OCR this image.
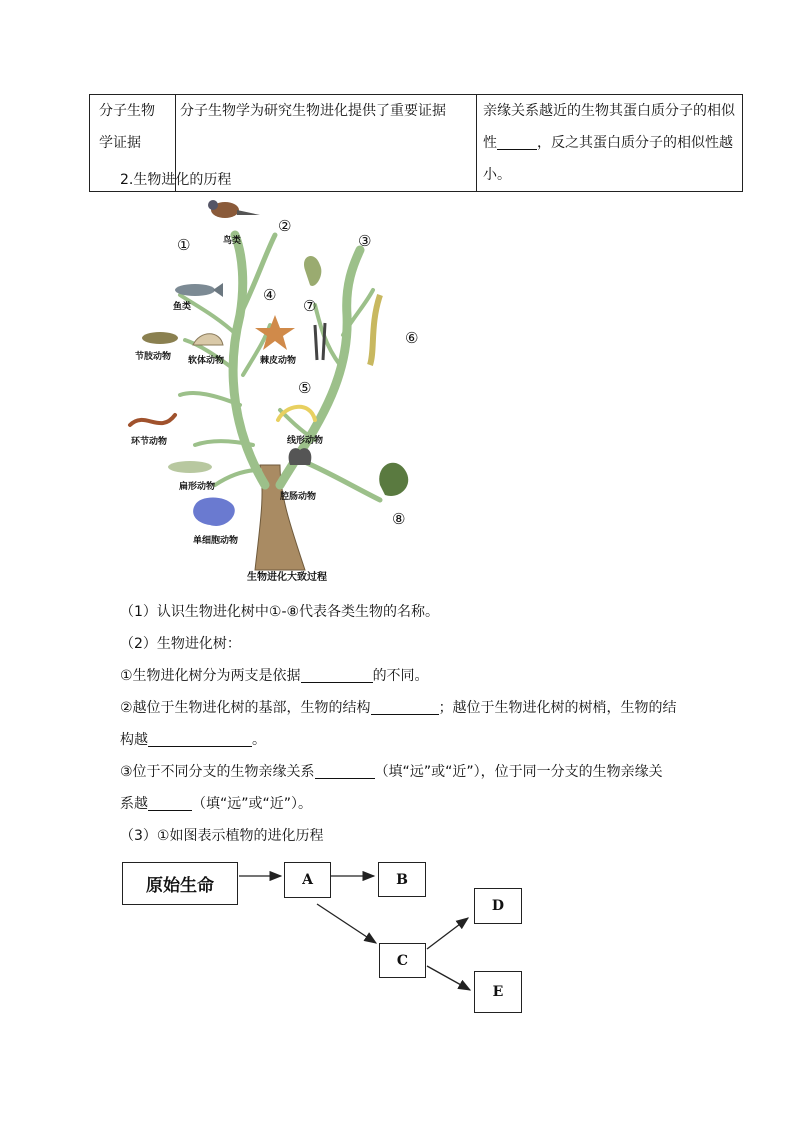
分子生物
学证据
	分子生物学为研究生物进化提供了重要证据	亲缘关系越近的生物其蛋白质分子的相似
性	，反之其蛋白质分子的相似性越小。
2.生物进化的历程
鸟类
鱼类
节肢动物 软体动物	棘皮动物
环节动物	线形动物
扁形动物
腔肠动物
单细胞动物
①
②
③
④
⑤
⑥
⑦
⑧
生物进化大致过程
（1）认识生物进化树中①-⑧代表各类生物的名称。
（2）生物进化树：
①生物进化树分为两支是依据	的不同。
②越位于生物进化树的基部，生物的结构	；越位于生物进化树的树梢，生物的结
构越	。
③位于不同分支的生物亲缘关系	（填“远”或“近”），位于同一分支的生物亲缘关
系越	（填“远”或“近”）。
（3）①如图表示植物的进化历程
原始生命	A	B
C
D
E
